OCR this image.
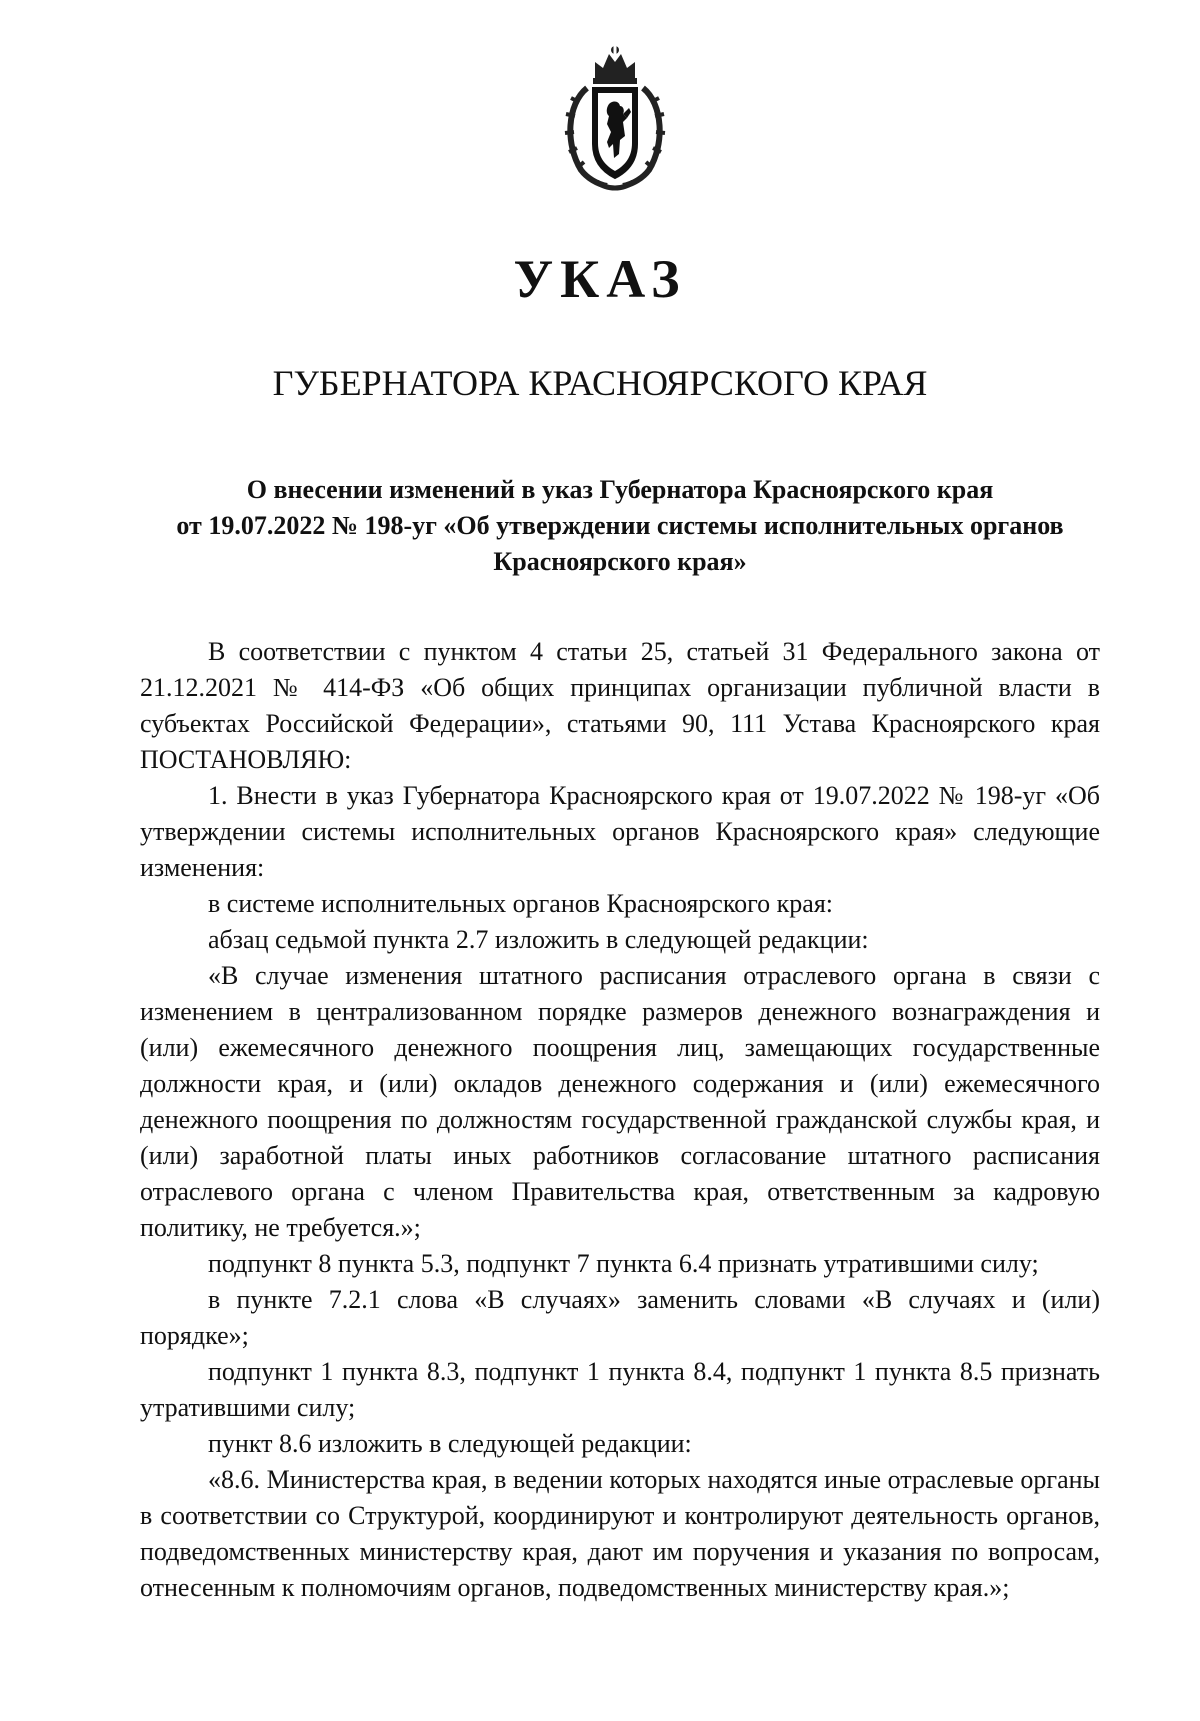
УКАЗ
ГУБЕРНАТОРА КРАСНОЯРСКОГО КРАЯ
О внесении изменений в указ Губернатора Красноярского края
от 19.07.2022 № 198-уг «Об утверждении системы исполнительных органов
Красноярского края»

В соответствии с пунктом 4 статьи 25, статьей 31 Федерального закона от 21.12.2021 № 414-ФЗ «Об общих принципах организации публичной власти в субъектах Российской Федерации», статьями 90, 111 Устава Красноярского края ПОСТАНОВЛЯЮ:

1. Внести в указ Губернатора Красноярского края от 19.07.2022 № 198-уг «Об утверждении системы исполнительных органов Красноярского края» следующие изменения:

в системе исполнительных органов Красноярского края:

абзац седьмой пункта 2.7 изложить в следующей редакции:

«В случае изменения штатного расписания отраслевого органа в связи с изменением в централизованном порядке размеров денежного вознаграждения и (или) ежемесячного денежного поощрения лиц, замещающих государственные должности края, и (или) окладов денежного содержания и (или) ежемесячного денежного поощрения по должностям государственной гражданской службы края, и (или) заработной платы иных работников согласование штатного расписания отраслевого органа с членом Правительства края, ответственным за кадровую политику, не требуется.»;

подпункт 8 пункта 5.3, подпункт 7 пункта 6.4 признать утратившими силу;

в пункте 7.2.1 слова «В случаях» заменить словами «В случаях и (или) порядке»;

подпункт 1 пункта 8.3, подпункт 1 пункта 8.4, подпункт 1 пункта 8.5 признать утратившими силу;

пункт 8.6 изложить в следующей редакции:

«8.6. Министерства края, в ведении которых находятся иные отраслевые органы в соответствии со Структурой, координируют и контролируют деятельность органов, подведомственных министерству края, дают им поручения и указания по вопросам, отнесенным к полномочиям органов, подведомственных министерству края.»;
